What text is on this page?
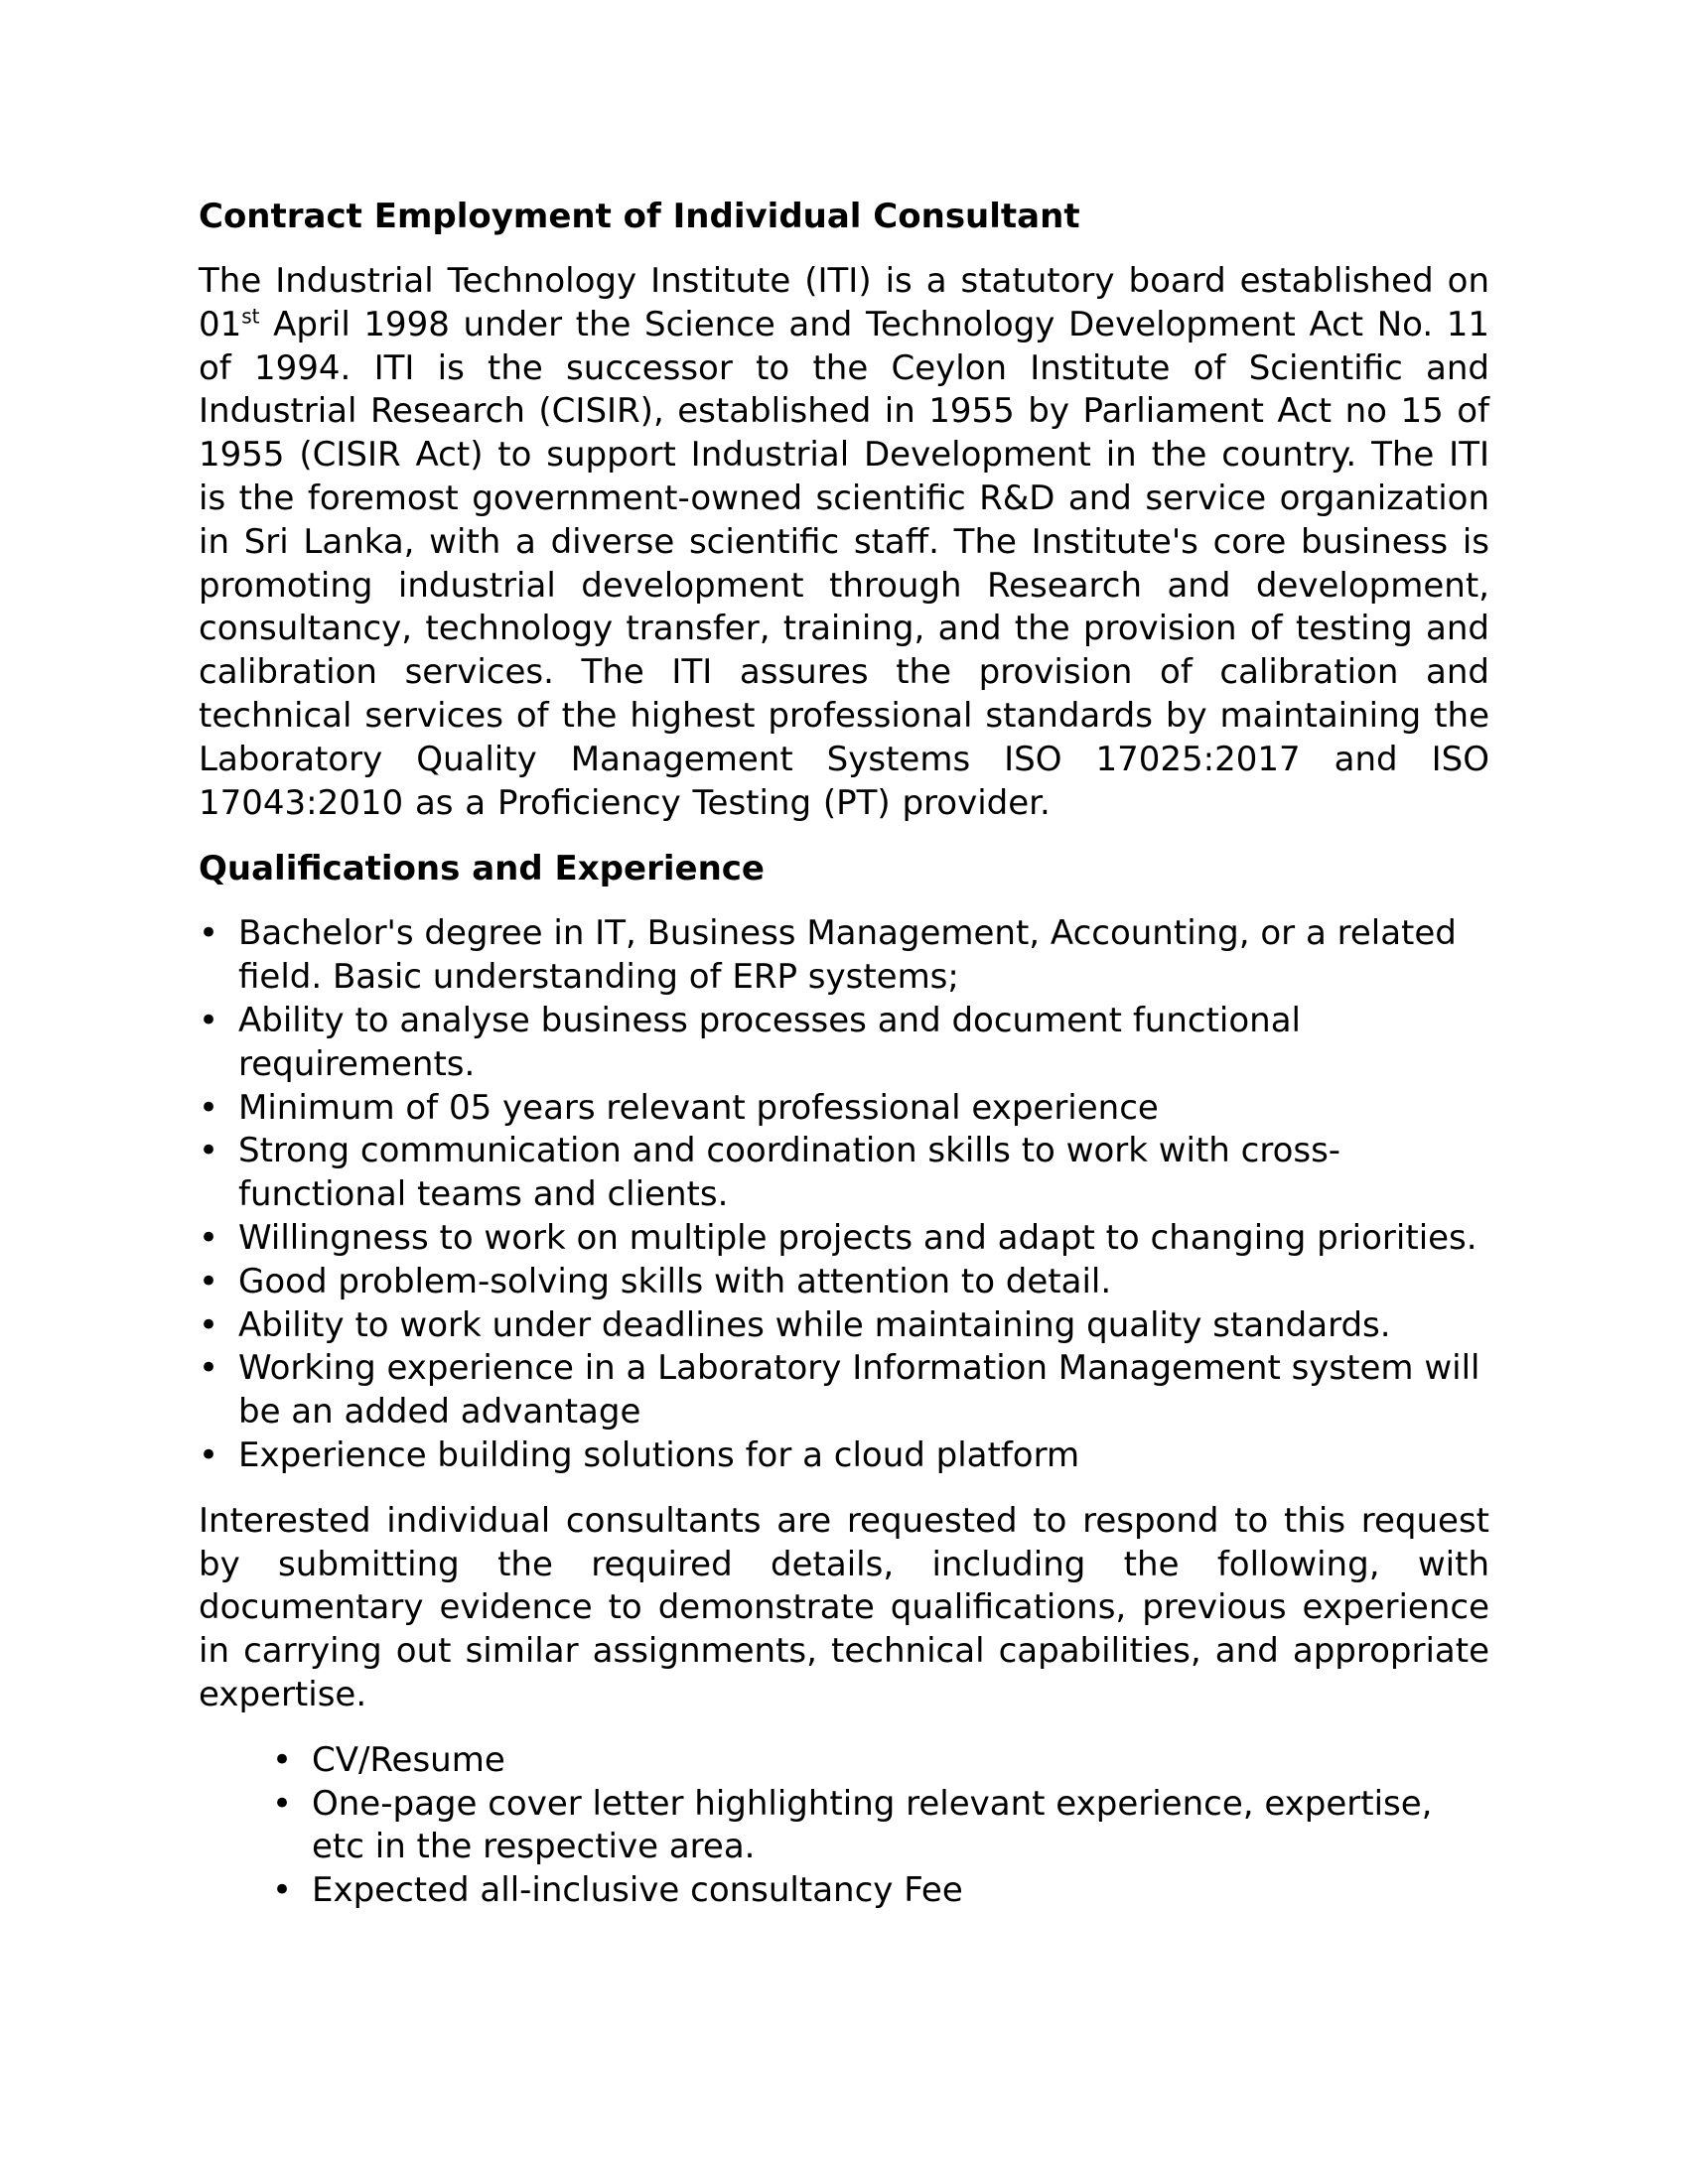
Contract Employment of Individual Consultant

The Industrial Technology Institute (ITI) is a statutory board established on 01st April 1998 under the Science and Technology Development Act No. 11 of 1994. ITI is the successor to the Ceylon Institute of Scientific and Industrial Research (CISIR), established in 1955 by Parliament Act no 15 of 1955 (CISIR Act) to support Industrial Development in the country. The ITI is the foremost government-owned scientific R&D and service organization in Sri Lanka, with a diverse scientific staff. The Institute's core business is promoting industrial development through Research and development, consultancy, technology transfer, training, and the provision of testing and calibration services. The ITI assures the provision of calibration and technical services of the highest professional standards by maintaining the Laboratory Quality Management Systems ISO 17025:2017 and ISO 17043:2010 as a Proficiency Testing (PT) provider.

Qualifications and Experience
• Bachelor's degree in IT, Business Management, Accounting, or a related field. Basic understanding of ERP systems;
• Ability to analyse business processes and document functional requirements.
• Minimum of 05 years relevant professional experience
• Strong communication and coordination skills to work with cross-functional teams and clients.
• Willingness to work on multiple projects and adapt to changing priorities.
• Good problem-solving skills with attention to detail.
• Ability to work under deadlines while maintaining quality standards.
• Working experience in a Laboratory Information Management system will be an added advantage
• Experience building solutions for a cloud platform

Interested individual consultants are requested to respond to this request by submitting the required details, including the following, with documentary evidence to demonstrate qualifications, previous experience in carrying out similar assignments, technical capabilities, and appropriate expertise.

• CV/Resume
• One-page cover letter highlighting relevant experience, expertise, etc in the respective area.
• Expected all-inclusive consultancy Fee
